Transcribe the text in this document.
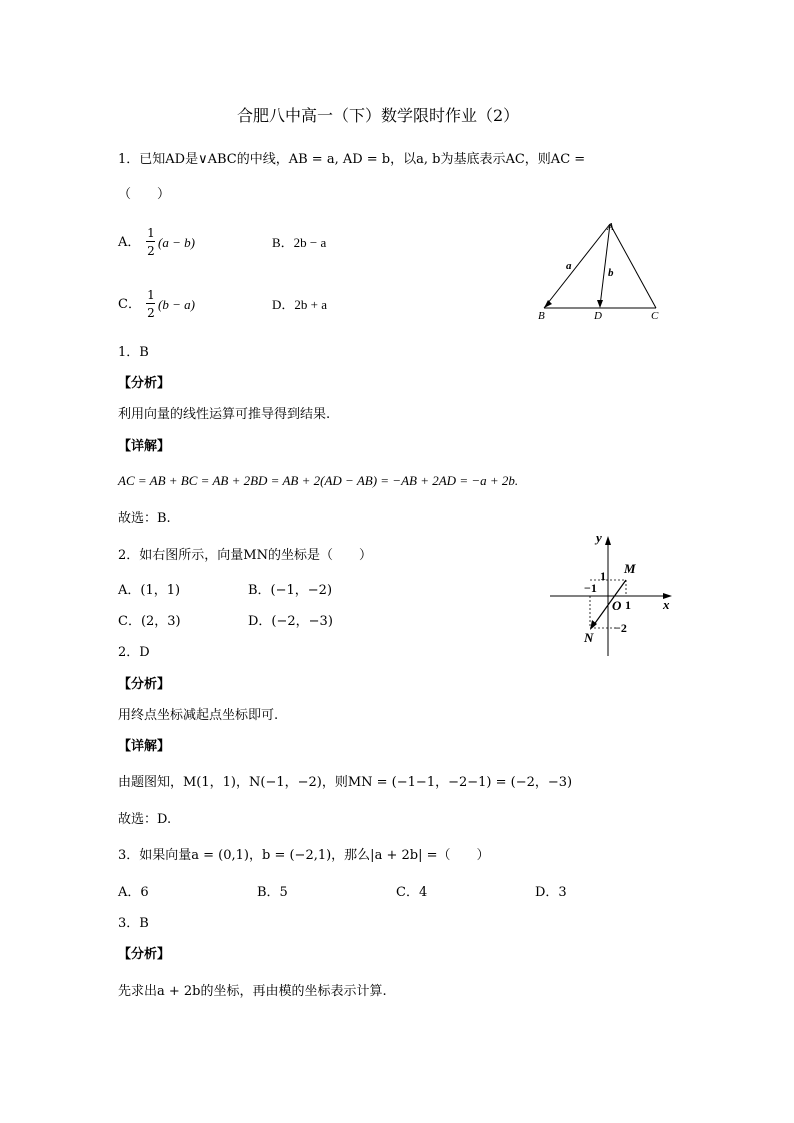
合肥八中高一（下）数学限时作业（2）
1．已知AD是∨ABC的中线，AB = a, AD = b，以a, b为基底表示AC，则AC =
（　　）
A．
1
2
(a − b)	B．2b − a
C．
1
2
(b − a)	D．2b + a
A
B	D	C
a
b
1．B
【分析】
利用向量的线性运算可推导得到结果.
【详解】
AC = AB + BC = AB + 2BD = AB + 2(AD − AB) = −AB + 2AD = −a + 2b.
故选：B.
2．如右图所示，向量MN的坐标是（　　）
A．(1，1)	B．(−1，−2)
C．(2，3)	D．(−2，−3)
y
x
M
N
O
1
−1
1
−2
2．D
【分析】
用终点坐标减起点坐标即可.
【详解】
由题图知，M(1，1)，N(−1，−2)，则MN = (−1−1，−2−1) = (−2，−3)
故选：D.
3．如果向量a = (0,1)，b = (−2,1)，那么|a + 2b| =（　　）
A．6	B．5	C．4	D．3
3．B
【分析】
先求出a + 2b的坐标，再由模的坐标表示计算.
